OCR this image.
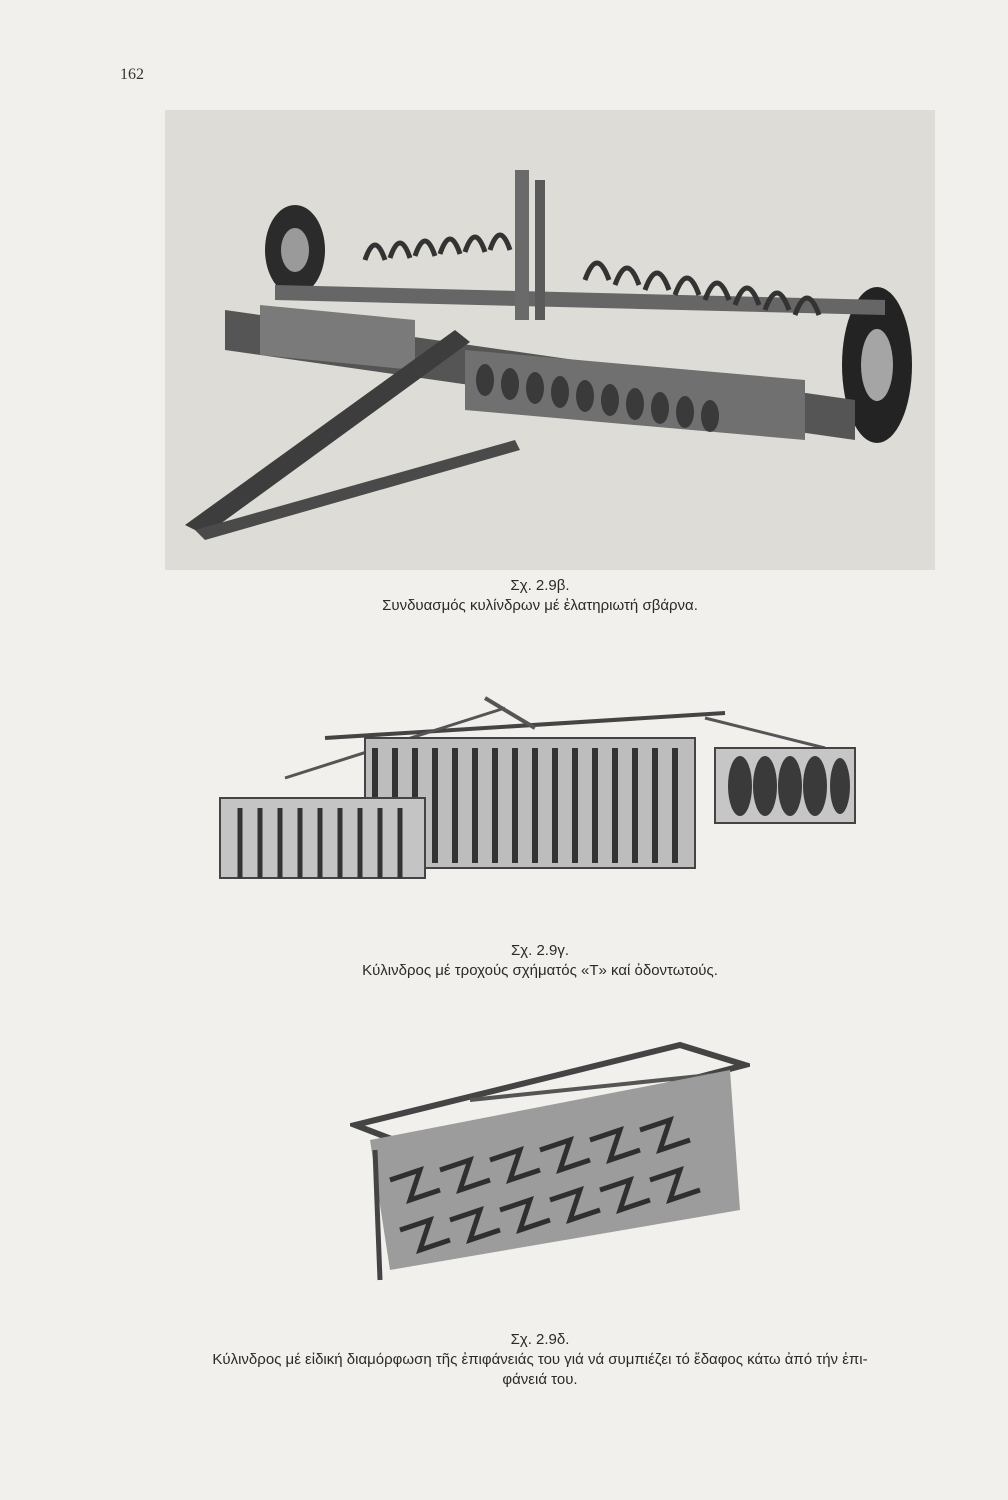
162
Σχ. 2.9β.
Συνδυασμός κυλίνδρων μέ ἐλατηριωτή σβάρνα.
Σχ. 2.9γ.
Κύλινδρος μέ τροχούς σχήματός «Τ» καί ὀδοντωτούς.
Σχ. 2.9δ.
Κύλινδρος μέ εἰδική διαμόρφωση τῆς ἐπιφάνειάς του γιά νά συμπιέζει τό ἔδαφος κάτω ἀπό τήν ἐπι-
φάνειά του.
